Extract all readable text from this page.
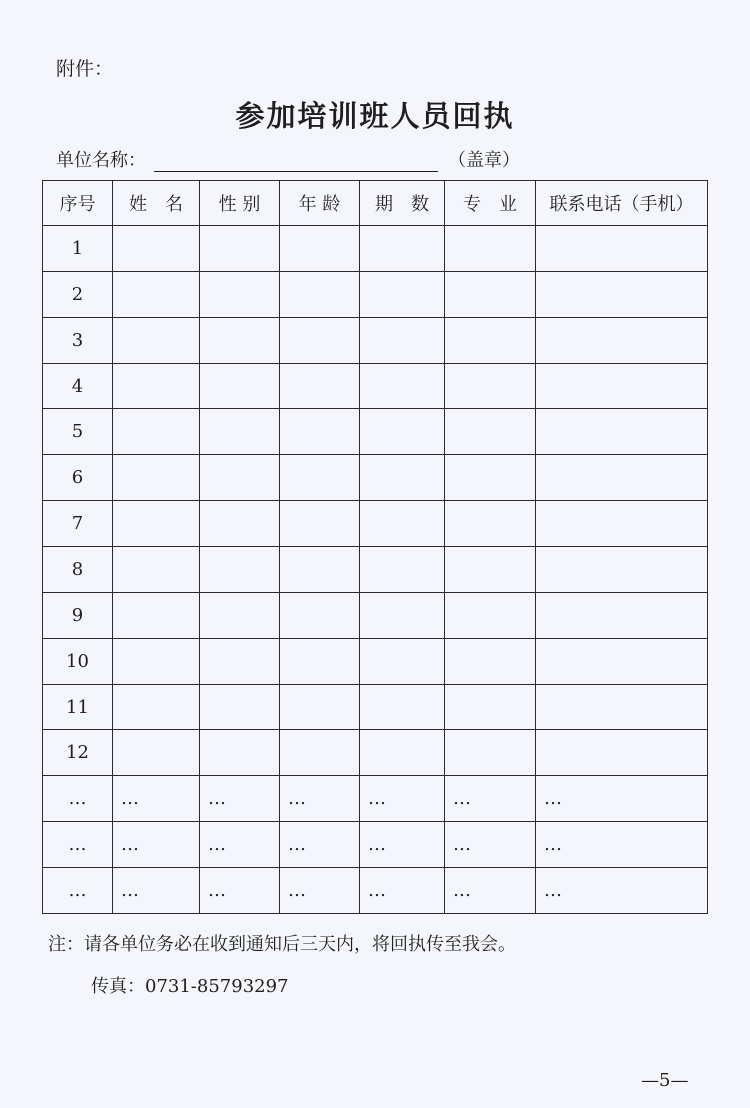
附件：
参加培训班人员回执
单位名称：	（盖章）
序号	姓　名	性 别	年 龄	期　数	专　业	联系电话（手机）
1						
2						
3						
4						
5						
6						
7						
8						
9						
10						
11						
12						
…	…	…	…	…	…	…
…	…	…	…	…	…	…
…	…	…	…	…	…	…
注：请各单位务必在收到通知后三天内，将回执传至我会。
传真：0731-85793297
—5—
